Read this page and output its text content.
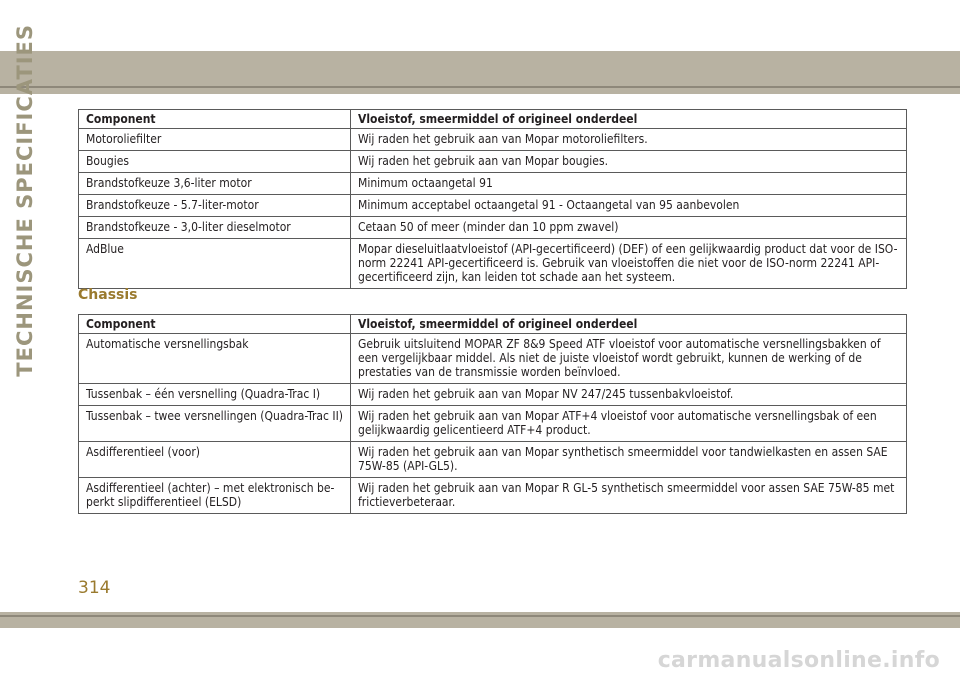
TECHNISCHE SPECIFICATIES	Component	Vloeistof, smeermiddel of origineel onderdeel
Motoroliefilter	Wij raden het gebruik aan van Mopar motoroliefilters.
Bougies	Wij raden het gebruik aan van Mopar bougies.
Brandstofkeuze 3,6-liter motor	Minimum octaangetal 91
Brandstofkeuze - 5.7-liter-motor	Minimum acceptabel octaangetal 91 - Octaangetal van 95 aanbevolen
Brandstofkeuze - 3,0-liter dieselmotor	Cetaan 50 of meer (minder dan 10 ppm zwavel)
AdBlue	Mopar dieseluitlaatvloeistof (API-gecertificeerd) (DEF) of een gelijkwaardig product dat voor de ISO-norm 22241 API-gecertificeerd is. Gebruik van vloeistoffen die niet voor de ISO-norm 22241 API-gecertificeerd zijn, kan leiden tot schade aan het systeem.
Chassis
Component	Vloeistof, smeermiddel of origineel onderdeel
Automatische versnellingsbak	Gebruik uitsluitend MOPAR ZF 8&9 Speed ATF vloeistof voor automatische versnellingsbakken of een vergelijkbaar middel. Als niet de juiste vloeistof wordt gebruikt, kunnen de werking of de prestaties van de transmissie worden beïnvloed.
Tussenbak – één versnelling (Quadra-Trac I)	Wij raden het gebruik aan van Mopar NV 247/245 tussenbakvloeistof.
Tussenbak – twee versnellingen (Quadra-Trac II)	Wij raden het gebruik aan van Mopar ATF+4 vloeistof voor automatische versnellingsbak of een gelijkwaardig gelicentieerd ATF+4 product.
Asdifferentieel (voor)	Wij raden het gebruik aan van Mopar synthetisch smeermiddel voor tandwielkasten en assen SAE 75W-85 (API-GL5).
Asdifferentieel (achter) – met elektronisch be-perkt slipdifferentieel (ELSD)	Wij raden het gebruik aan van Mopar R GL-5 synthetisch smeermiddel voor assen SAE 75W-85 met frictieverbeteraar.
314
carmanualsonline.info
